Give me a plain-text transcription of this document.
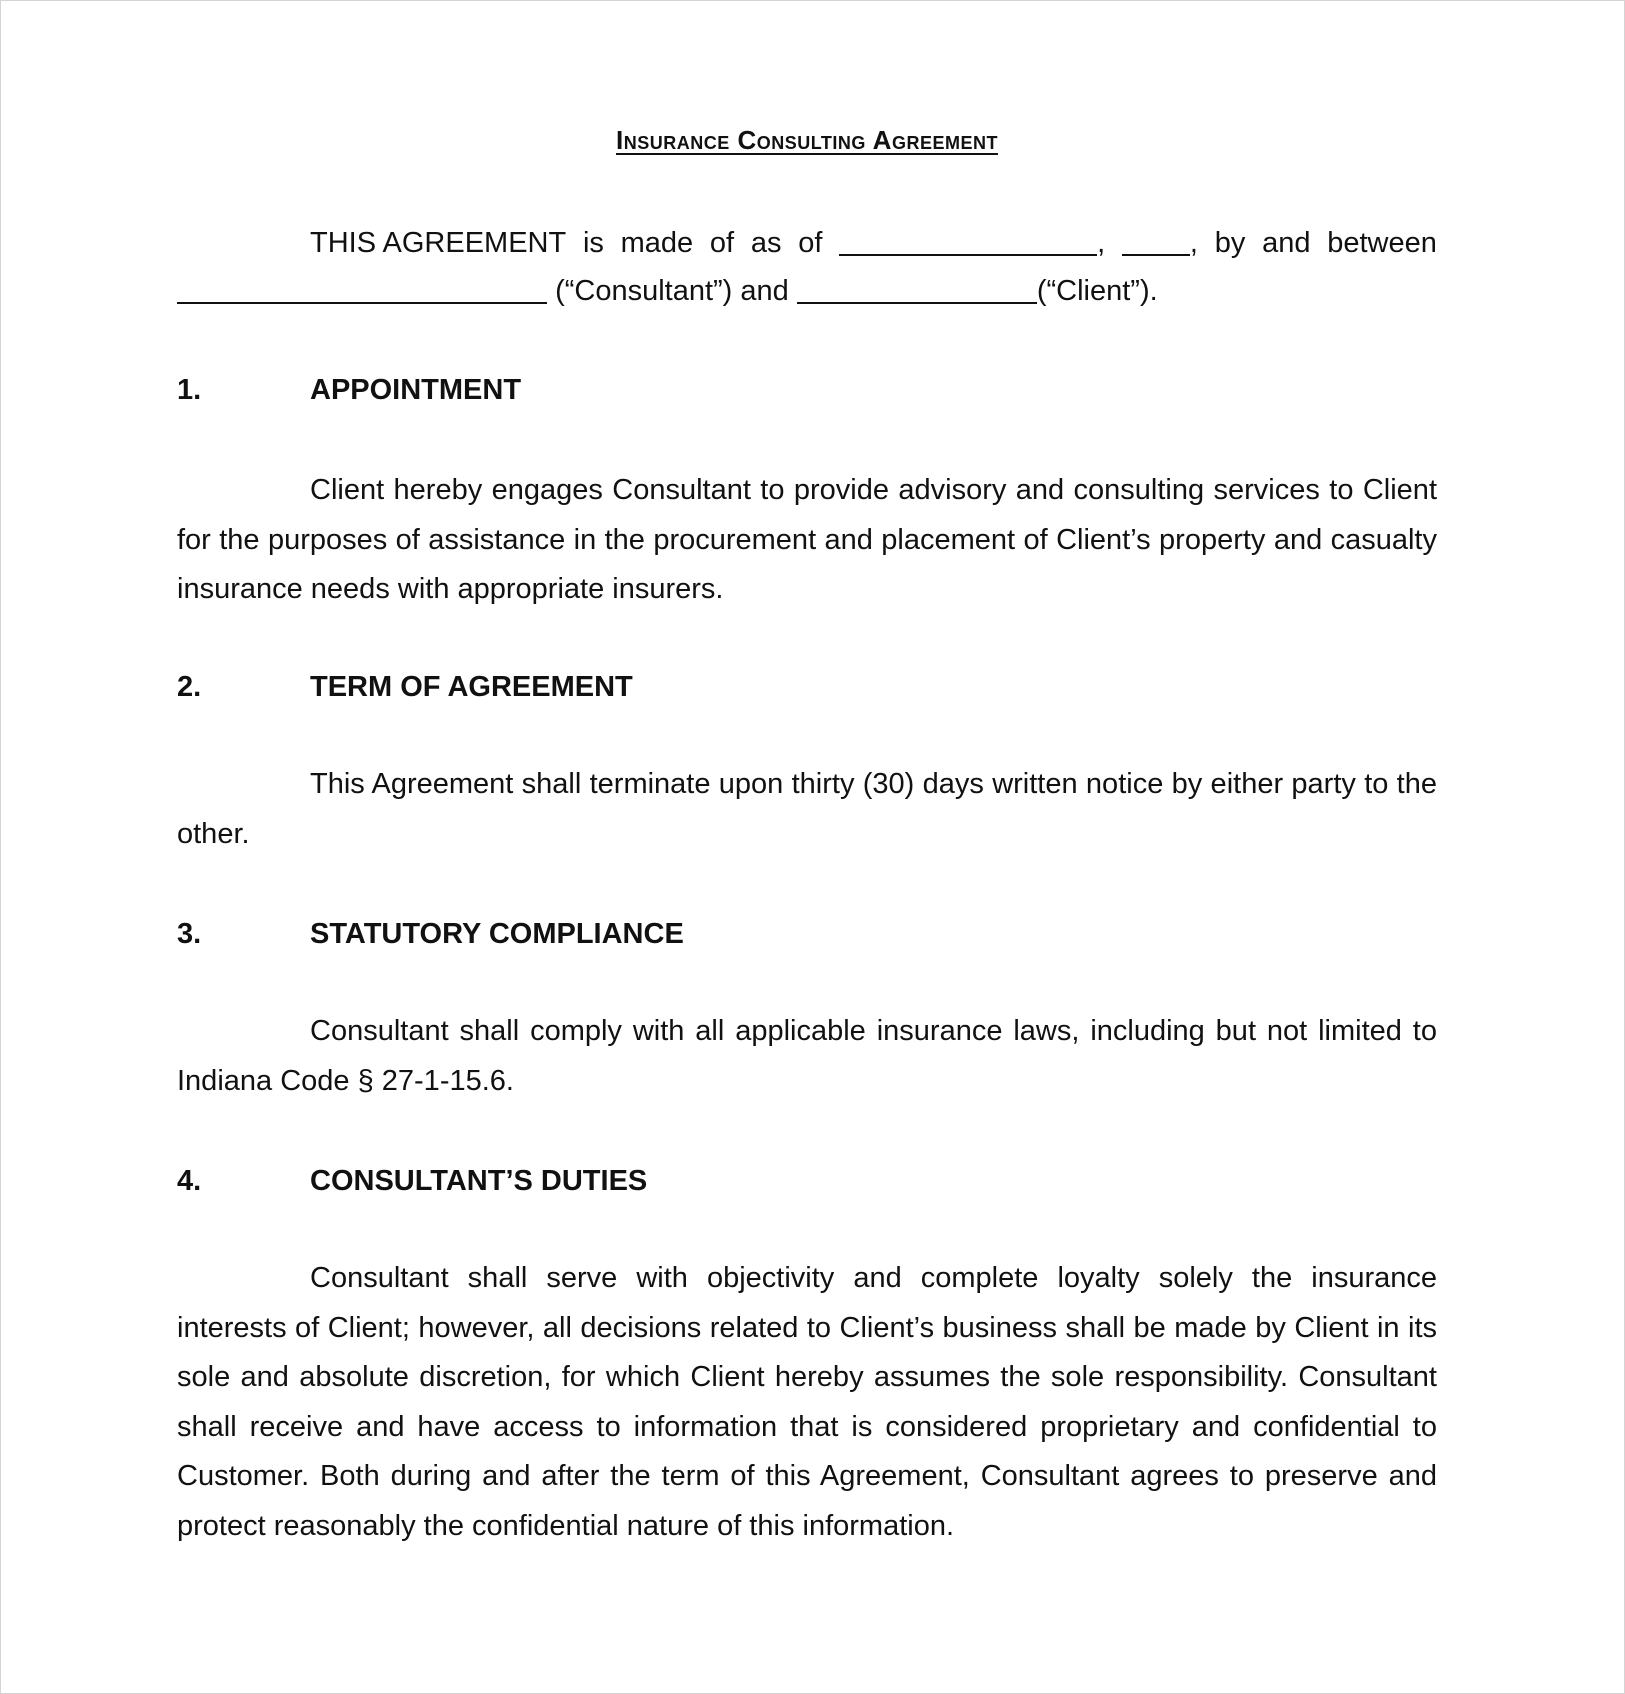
Insurance Consulting Agreement

THIS AGREEMENT is made of as of	,	, by and between

(“Consultant”) and	(“Client”).

1.	APPOINTMENT

Client hereby engages Consultant to provide advisory and consulting services to Client for the purposes of assistance in the procurement and placement of Client’s property and casualty insurance needs with appropriate insurers.

2.	TERM OF AGREEMENT

This Agreement shall terminate upon thirty (30) days written notice by either party to the other.

3.	STATUTORY COMPLIANCE

Consultant shall comply with all applicable insurance laws, including but not limited to Indiana Code § 27-1-15.6.

4.	CONSULTANT’S DUTIES

Consultant shall serve with objectivity and complete loyalty solely the insurance interests of Client; however, all decisions related to Client’s business shall be made by Client in its sole and absolute discretion, for which Client hereby assumes the sole responsibility. Consultant shall receive and have access to information that is considered proprietary and confidential to Customer. Both during and after the term of this Agreement, Consultant agrees to preserve and protect reasonably the confidential nature of this information.
